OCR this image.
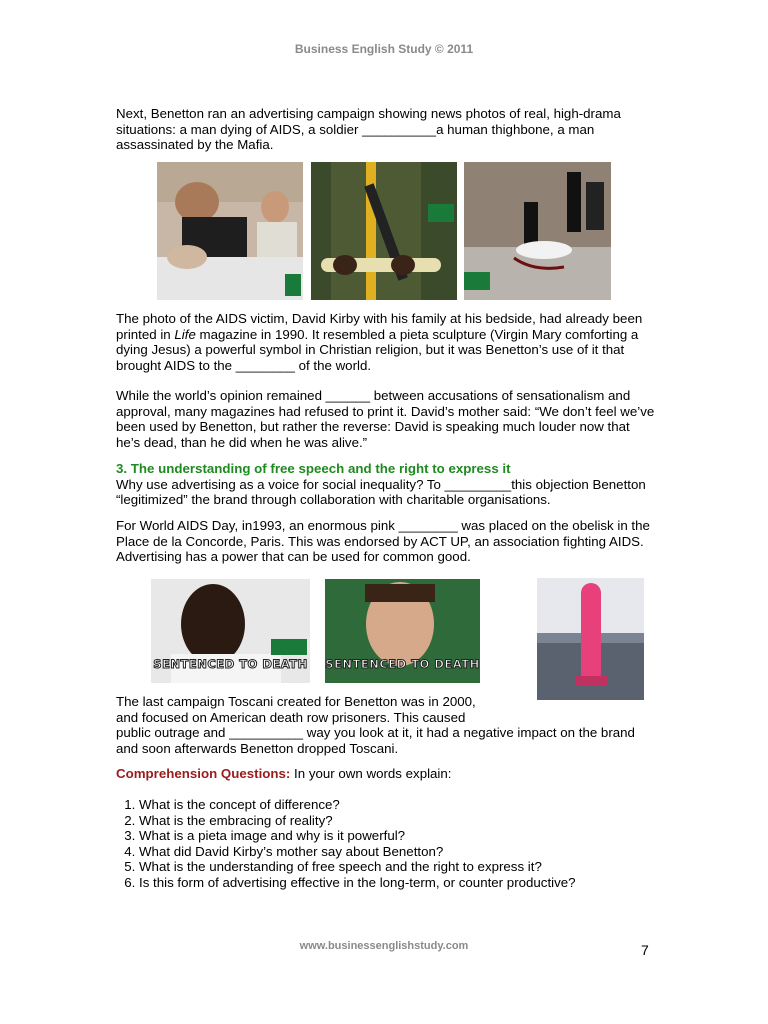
Business English Study © 2011

Next, Benetton ran an advertising campaign showing news photos of real, high-drama situations: a man dying of AIDS, a soldier __________a human thighbone, a man assassinated by the Mafia.

The photo of the AIDS victim, David Kirby with his family at his bedside, had already been printed in Life magazine in 1990. It resembled a pieta sculpture (Virgin Mary comforting a dying Jesus) a powerful symbol in Christian religion, but it was Benetton’s use of it that brought AIDS to the ________ of the world.

While the world’s opinion remained ______ between accusations of sensationalism and approval, many magazines had refused to print it. David’s mother said: “We don’t feel we’ve been used by Benetton, but rather the reverse: David is speaking much louder now that he’s dead, than he did when he was alive.”

3. The understanding of free speech and the right to express it
Why use advertising as a voice for social inequality? To _________this objection Benetton “legitimized” the brand through collaboration with charitable organisations.

For World AIDS Day, in1993, an enormous pink ________ was placed on the obelisk in the Place de la Concorde, Paris. This was endorsed by ACT UP, an association fighting AIDS. Advertising has a power that can be used for common good.

SENTENCED TO DEATH SENTENCED TO DEATH

The last campaign Toscani created for Benetton was in 2000,
and focused on American death row prisoners. This caused
public outrage and __________ way you look at it, it had a negative impact on the brand and soon afterwards Benetton dropped Toscani.

Comprehension Questions: In your own words explain:

1. What is the concept of difference?
2. What is the embracing of reality?
3. What is a pieta image and why is it powerful?
4. What did David Kirby’s mother say about Benetton?
5. What is the understanding of free speech and the right to express it?
6. Is this form of advertising effective in the long-term, or counter productive?
www.businessenglishstudy.com	7
